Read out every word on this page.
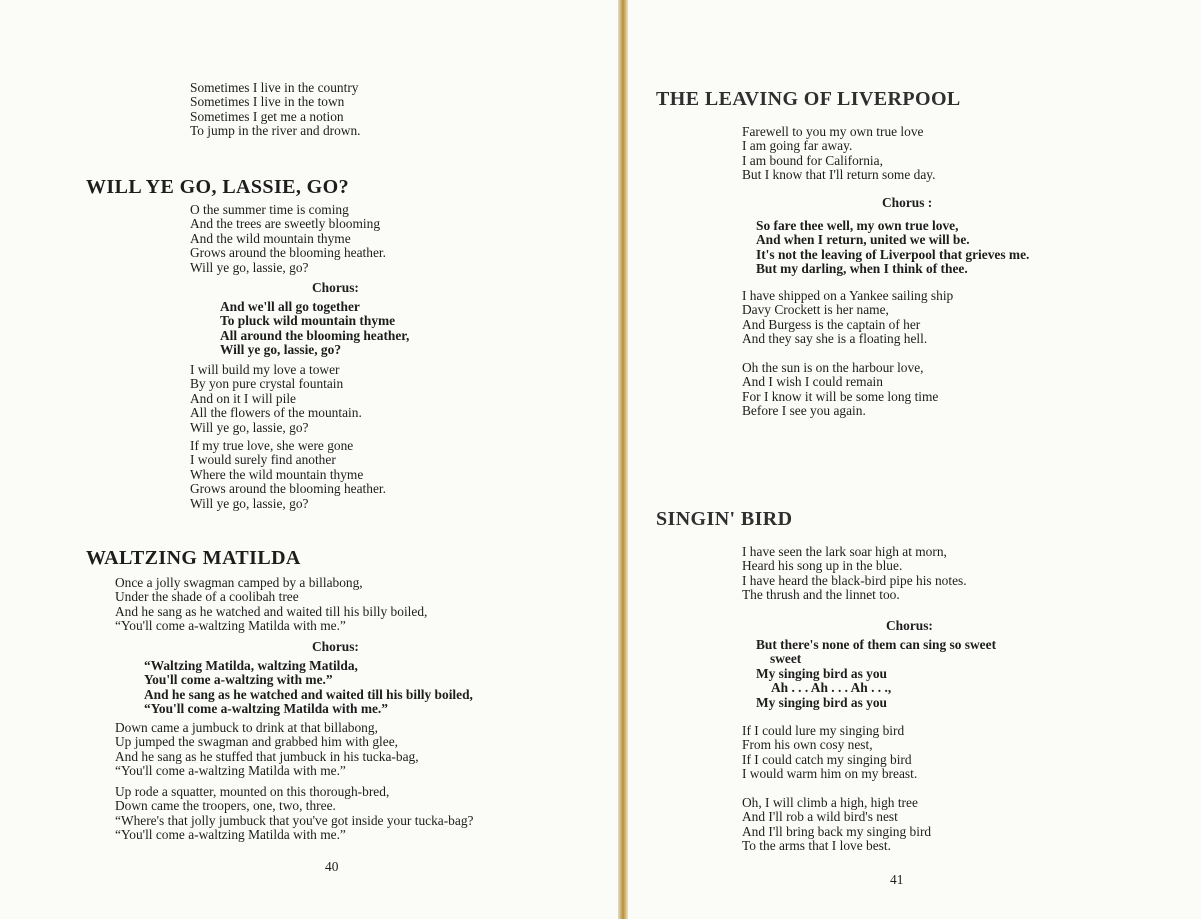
Sometimes I live in the country
Sometimes I live in the town
Sometimes I get me a notion
To jump in the river and drown.
WILL YE GO, LASSIE, GO?
O the summer time is coming
And the trees are sweetly blooming
And the wild mountain thyme
Grows around the blooming heather.
Will ye go, lassie, go?
Chorus:
And we'll all go together
To pluck wild mountain thyme
All around the blooming heather,
Will ye go, lassie, go?
I will build my love a tower
By yon pure crystal fountain
And on it I will pile
All the flowers of the mountain.
Will ye go, lassie, go?
If my true love, she were gone
I would surely find another
Where the wild mountain thyme
Grows around the blooming heather.
Will ye go, lassie, go?
WALTZING MATILDA
Once a jolly swagman camped by a billabong,
Under the shade of a coolibah tree
And he sang as he watched and waited till his billy boiled,
“You'll come a-waltzing Matilda with me.”
Chorus:
“Waltzing Matilda, waltzing Matilda,
You'll come a-waltzing with me.”
And he sang as he watched and waited till his billy boiled,
“You'll come a-waltzing Matilda with me.”
Down came a jumbuck to drink at that billabong,
Up jumped the swagman and grabbed him with glee,
And he sang as he stuffed that jumbuck in his tucka-bag,
“You'll come a-waltzing Matilda with me.”
Up rode a squatter, mounted on this thorough-bred,
Down came the troopers, one, two, three.
“Where's that jolly jumbuck that you've got inside your tucka-bag?
“You'll come a-waltzing Matilda with me.”
40
THE LEAVING OF LIVERPOOL
Farewell to you my own true love
I am going far away.
I am bound for California,
But I know that I'll return some day.
Chorus :
So fare thee well, my own true love,
And when I return, united we will be.
It's not the leaving of Liverpool that grieves me.
But my darling, when I think of thee.
I have shipped on a Yankee sailing ship
Davy Crockett is her name,
And Burgess is the captain of her
And they say she is a floating hell.
Oh the sun is on the harbour love,
And I wish I could remain
For I know it will be some long time
Before I see you again.
SINGIN' BIRD
I have seen the lark soar high at morn,
Heard his song up in the blue.
I have heard the black-bird pipe his notes.
The thrush and the linnet too.
Chorus:
But there's none of them can sing so sweet
sweet
My singing bird as you
Ah . . . Ah . . . Ah . . .,
My singing bird as you
If I could lure my singing bird
From his own cosy nest,
If I could catch my singing bird
I would warm him on my breast.
Oh, I will climb a high, high tree
And I'll rob a wild bird's nest
And I'll bring back my singing bird
To the arms that I love best.
41
